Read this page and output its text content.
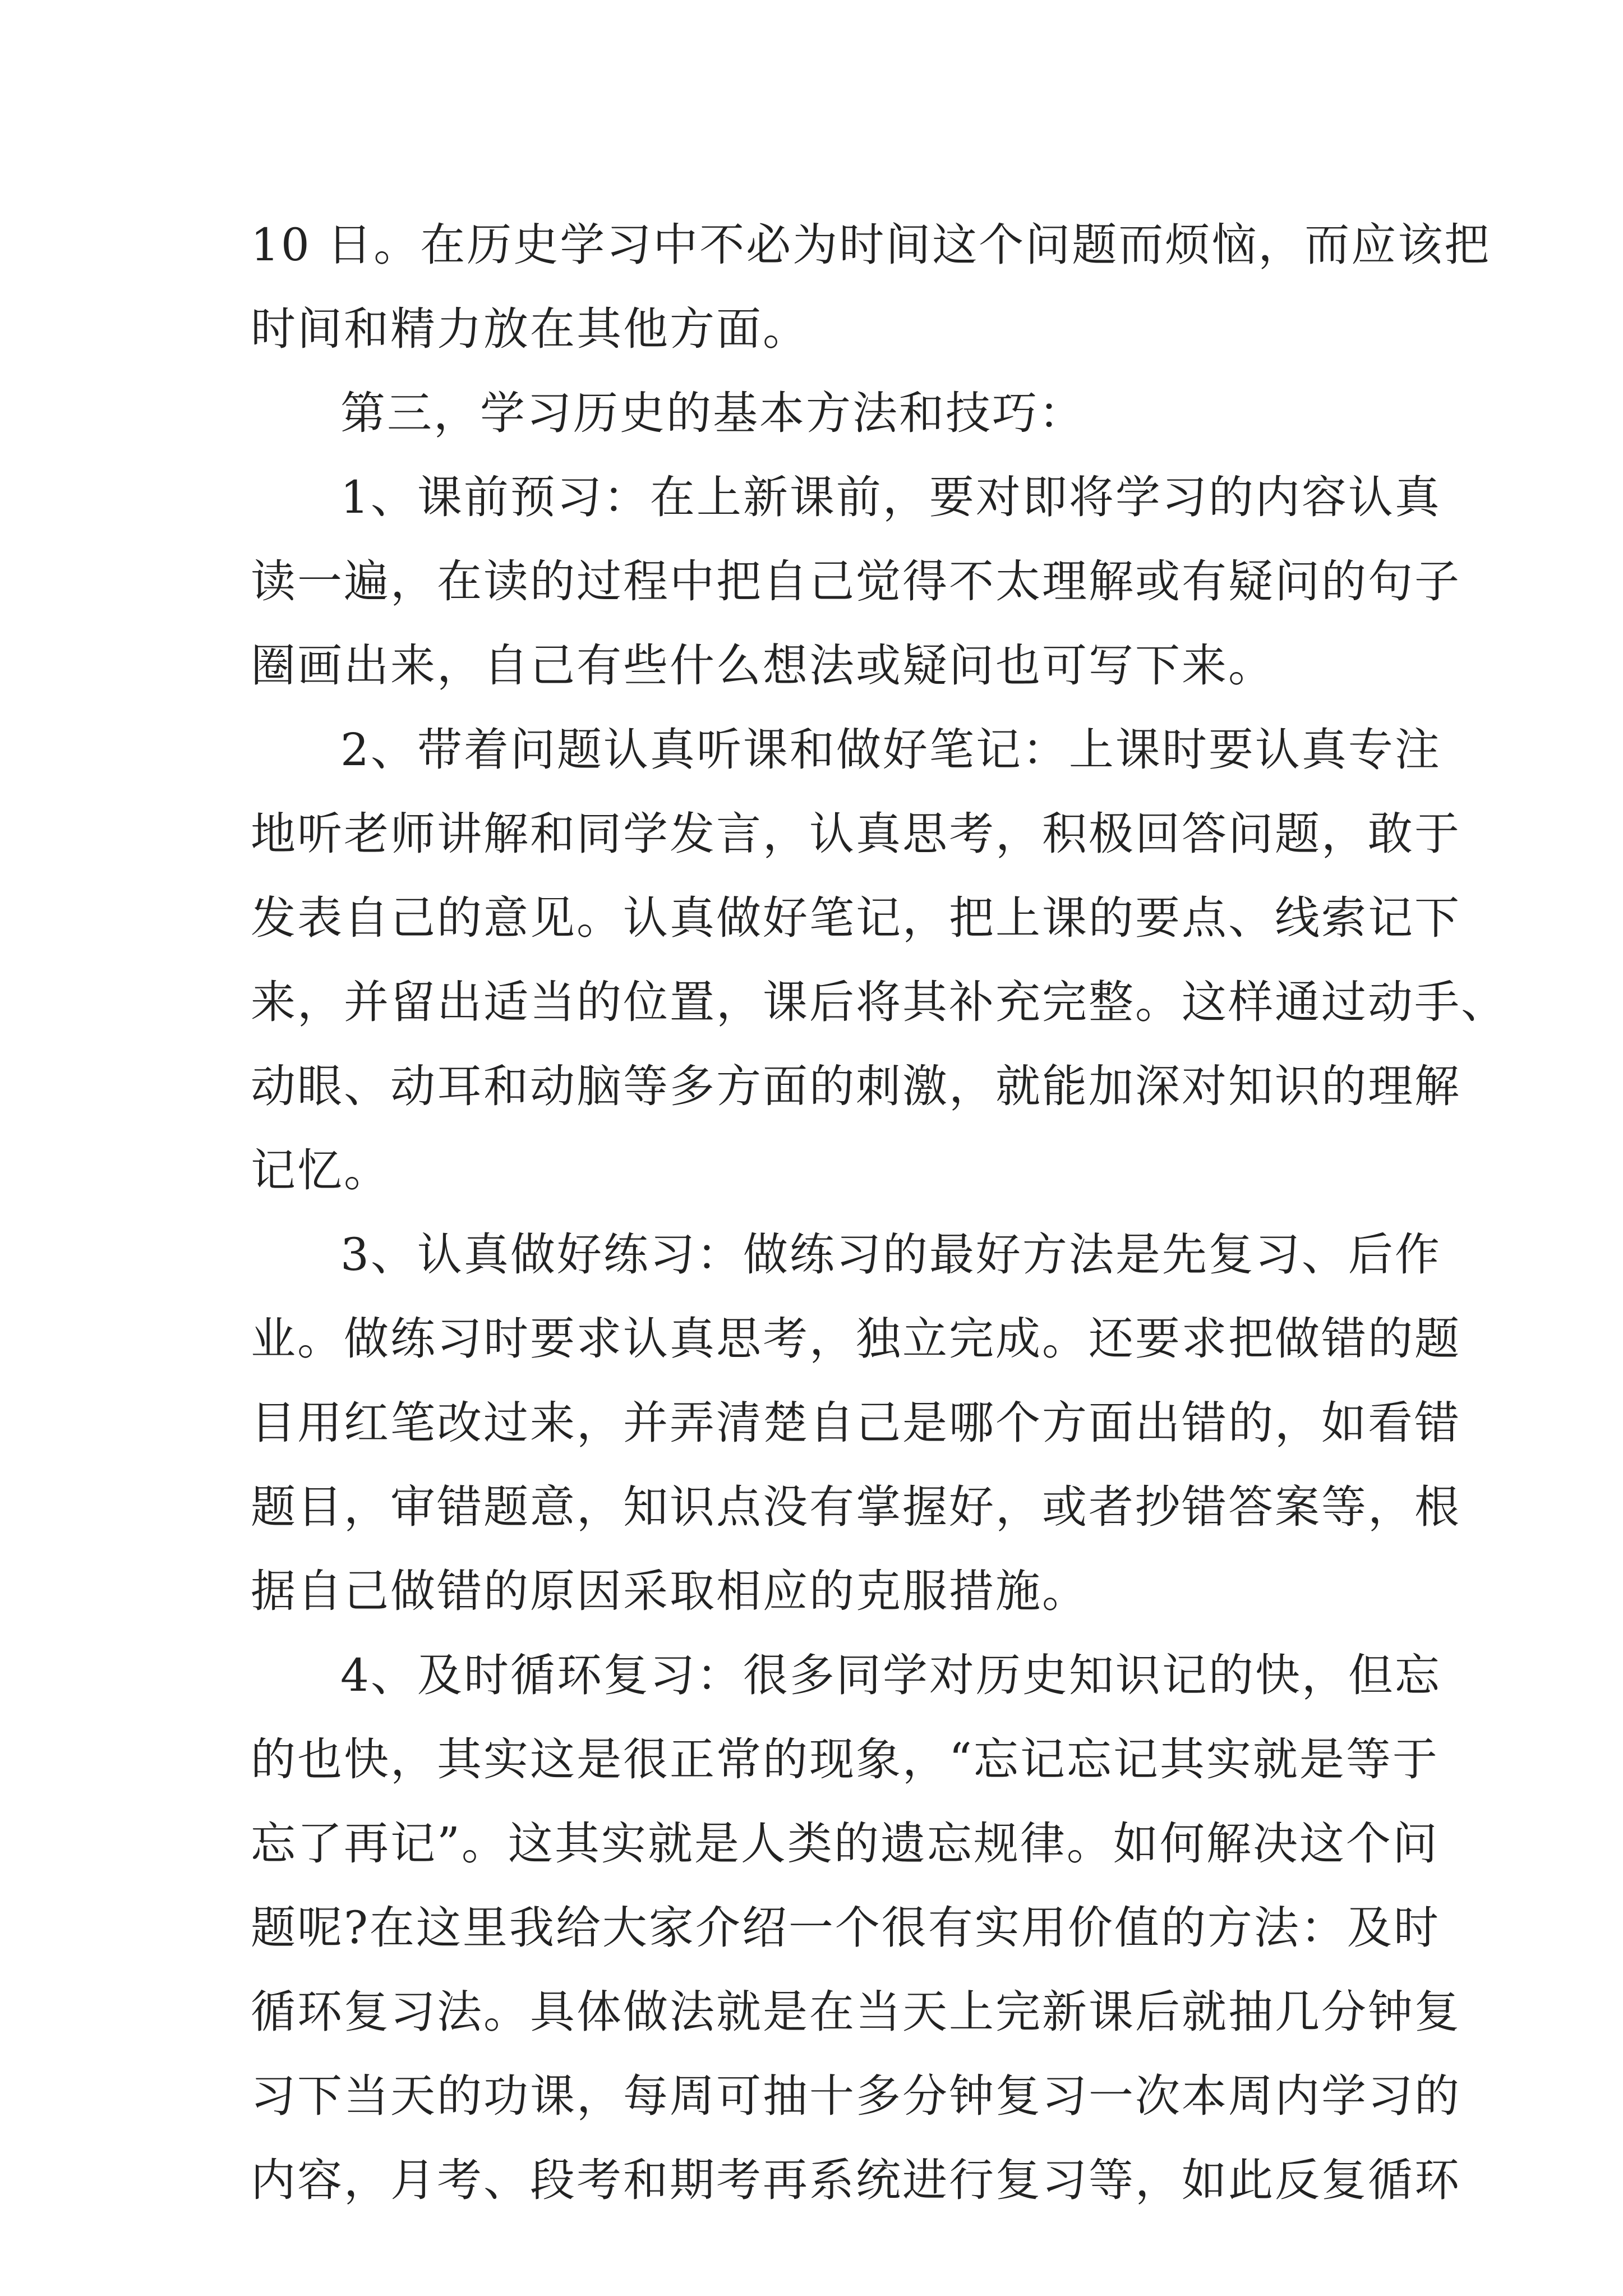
10 日。在历史学习中不必为时间这个问题而烦恼，而应该把
时间和精力放在其他方面。
第三，学习历史的基本方法和技巧：
1、课前预习：在上新课前，要对即将学习的内容认真
读一遍，在读的过程中把自己觉得不太理解或有疑问的句子
圈画出来，自己有些什么想法或疑问也可写下来。
2、带着问题认真听课和做好笔记：上课时要认真专注
地听老师讲解和同学发言，认真思考，积极回答问题，敢于
发表自己的意见。认真做好笔记，把上课的要点、线索记下
来，并留出适当的位置，课后将其补充完整。这样通过动手、
动眼、动耳和动脑等多方面的刺激，就能加深对知识的理解
记忆。
3、认真做好练习：做练习的最好方法是先复习、后作
业。做练习时要求认真思考，独立完成。还要求把做错的题
目用红笔改过来，并弄清楚自己是哪个方面出错的，如看错
题目，审错题意，知识点没有掌握好，或者抄错答案等，根
据自己做错的原因采取相应的克服措施。
4、及时循环复习：很多同学对历史知识记的快，但忘
的也快，其实这是很正常的现象，“忘记忘记其实就是等于
忘了再记”。这其实就是人类的遗忘规律。如何解决这个问
题呢?在这里我给大家介绍一个很有实用价值的方法：及时
循环复习法。具体做法就是在当天上完新课后就抽几分钟复
习下当天的功课，每周可抽十多分钟复习一次本周内学习的
内容，月考、段考和期考再系统进行复习等，如此反复循环
